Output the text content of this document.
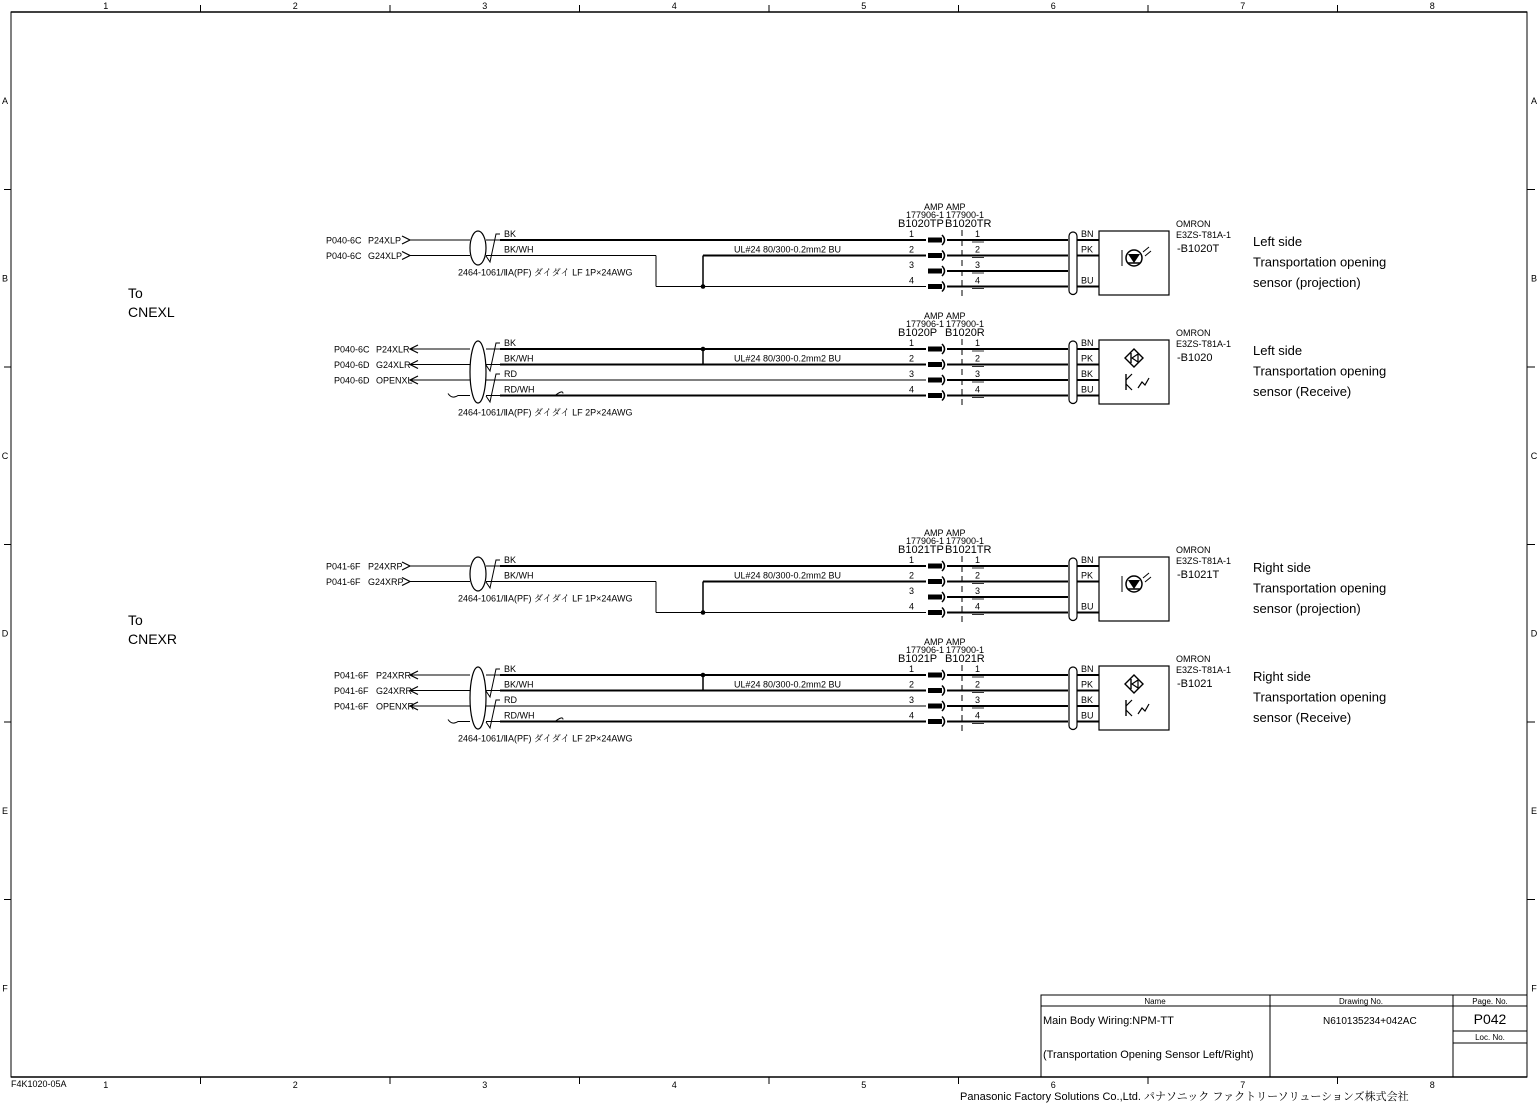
1
1
2
2
3
3
4
4
5
5
6
6
7
7
8
8
A	A
B	B
C	C
D	D
E	E
F	F
F4K1020-05A
To
CNEXL
To
CNEXR
P040-6C P24XLP
P040-6C G24XLP
BK
BK/WH
2464-1061/ⅡA(PF) ダイダイ LF 1P×24AWG
UL#24 80/300-0.2mm2 BU
AMP AMP
177906-1 177900-1
B1020TP B1020TR
1	1
2	2
3	3
4	4
BN
PK
BU
OMRON
E3ZS-T81A-1
-B1020T	Left side
Transportation opening
sensor (projection)
P040-6C P24XLR
P040-6D G24XLR
P040-6D OPENXL
BK
BK/WH
RD
RD/WH
2464-1061/ⅡA(PF) ダイダイ LF 2P×24AWG
UL#24 80/300-0.2mm2 BU
AMP AMP
177906-1 177900-1
B1020P B1020R
1	1
2	2
3	3
4	4
BN
PK
BK
BU
OMRON
E3ZS-T81A-1
-B1020	Left side
Transportation opening
sensor (Receive)
P041-6F P24XRP
P041-6F G24XRP
BK
BK/WH
2464-1061/ⅡA(PF) ダイダイ LF 1P×24AWG
UL#24 80/300-0.2mm2 BU
AMP AMP
177906-1 177900-1
B1021TP B1021TR
1	1
2	2
3	3
4	4
BN
PK
BU
OMRON
E3ZS-T81A-1
-B1021T	Right side
Transportation opening
sensor (projection)
P041-6F P24XRR
P041-6F G24XRR
P041-6F OPENXR
BK
BK/WH
RD
RD/WH
2464-1061/ⅡA(PF) ダイダイ LF 2P×24AWG
UL#24 80/300-0.2mm2 BU
AMP AMP
177906-1 177900-1
B1021P B1021R
1	1
2	2
3	3
4	4
BN
PK
BK
BU
OMRON
E3ZS-T81A-1
-B1021	Right side
Transportation opening
sensor (Receive)
Name
Main Body Wiring:NPM-TT
(Transportation Opening Sensor Left/Right)
Drawing No.
N610135234+042AC
Page. No.
P042
Loc. No.
Panasonic Factory Solutions Co.,Ltd. パナソニック ファクトリーソリューションズ株式会社
